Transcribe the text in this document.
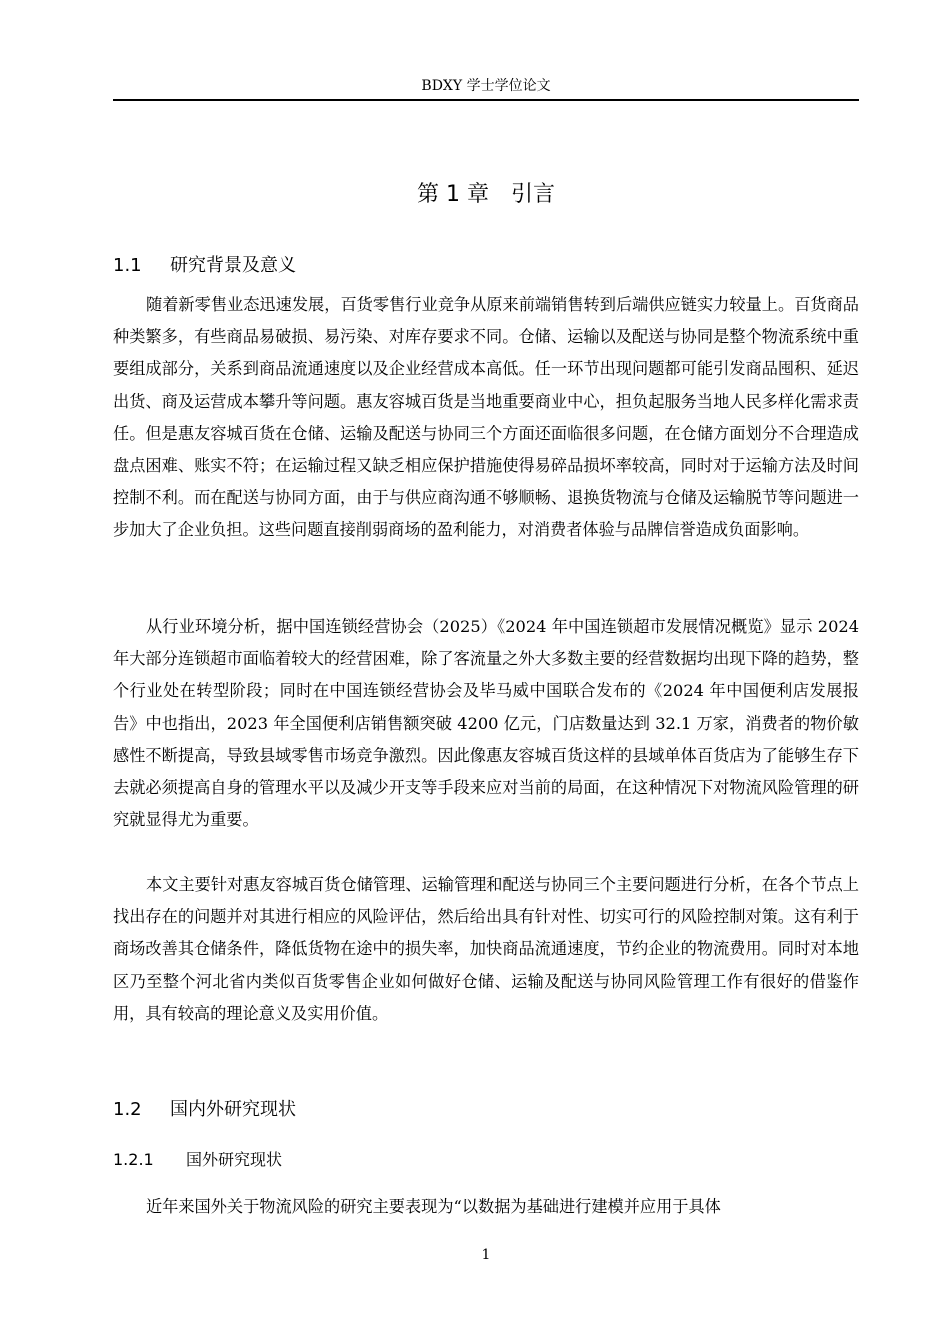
BDXY 学士学位论文
第 1 章　引言
1.1 研究背景及意义

随着新零售业态迅速发展，百货零售行业竞争从原来前端销售转到后端供应链实力较量上。百货商品种类繁多，有些商品易破损、易污染、对库存要求不同。仓储、运输以及配送与协同是整个物流系统中重要组成部分，关系到商品流通速度以及企业经营成本高低。任一环节出现问题都可能引发商品囤积、延迟出货、商及运营成本攀升等问题。惠友容城百货是当地重要商业中心，担负起服务当地人民多样化需求责任。但是惠友容城百货在仓储、运输及配送与协同三个方面还面临很多问题，在仓储方面划分不合理造成盘点困难、账实不符；在运输过程又缺乏相应保护措施使得易碎品损坏率较高，同时对于运输方法及时间控制不利。而在配送与协同方面，由于与供应商沟通不够顺畅、退换货物流与仓储及运输脱节等问题进一步加大了企业负担。这些问题直接削弱商场的盈利能力，对消费者体验与品牌信誉造成负面影响。

从行业环境分析，据中国连锁经营协会（2025）《2024 年中国连锁超市发展情况概览》显示 2024 年大部分连锁超市面临着较大的经营困难，除了客流量之外大多数主要的经营数据均出现下降的趋势，整个行业处在转型阶段；同时在中国连锁经营协会及毕马威中国联合发布的《2024 年中国便利店发展报告》中也指出，2023 年全国便利店销售额突破 4200 亿元，门店数量达到 32.1 万家，消费者的物价敏感性不断提高，导致县域零售市场竞争激烈。因此像惠友容城百货这样的县域单体百货店为了能够生存下去就必须提高自身的管理水平以及减少开支等手段来应对当前的局面，在这种情况下对物流风险管理的研究就显得尤为重要。

本文主要针对惠友容城百货仓储管理、运输管理和配送与协同三个主要问题进行分析，在各个节点上找出存在的问题并对其进行相应的风险评估，然后给出具有针对性、切实可行的风险控制对策。这有利于商场改善其仓储条件，降低货物在途中的损失率，加快商品流通速度，节约企业的物流费用。同时对本地区乃至整个河北省内类似百货零售企业如何做好仓储、运输及配送与协同风险管理工作有很好的借鉴作用，具有较高的理论意义及实用价值。

1.2 国内外研究现状
1.2.1 国外研究现状

近年来国外关于物流风险的研究主要表现为“以数据为基础进行建模并应用于具体

1
